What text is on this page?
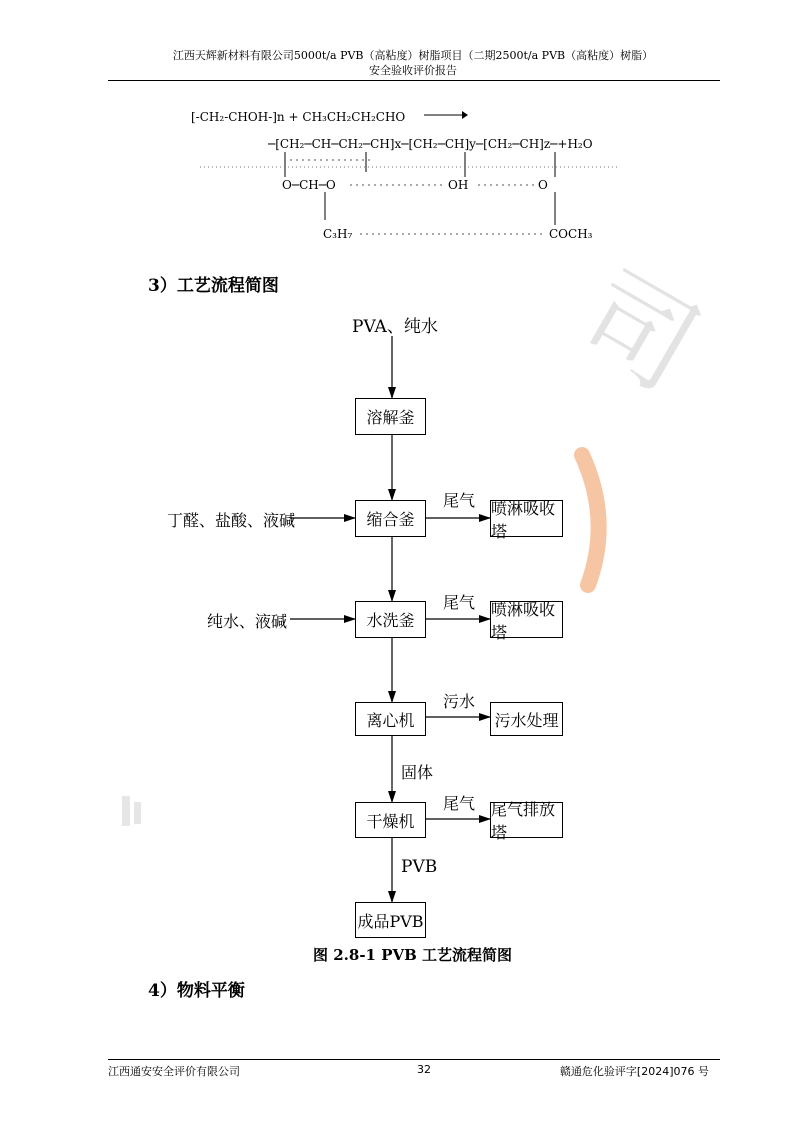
江西天辉新材料有限公司5000t/a PVB（高粘度）树脂项目（二期2500t/a PVB（高粘度）树脂）
安全验收评价报告
司
[-CH₂-CHOH-]n + CH₃CH₂CH₂CHO →
─[CH₂─CH─CH₂─CH]x─[CH₂─CH]y─[CH₂─CH]z─+H₂O
O─CH─O	OH	O
C₃H₇	COCH₃
3）工艺流程简图
PVA、纯水
丁醛、盐酸、液碱
纯水、液碱
尾气
尾气
污水
固体
尾气
PVB
溶解釜
缩合釜
水洗釜
离心机
干燥机
成品PVB
喷淋吸收塔
喷淋吸收塔
污水处理
尾气排放塔
图 2.8-1 PVB 工艺流程简图
4）物料平衡
江西通安安全评价有限公司	32	赣通危化验评字[2024]076 号
